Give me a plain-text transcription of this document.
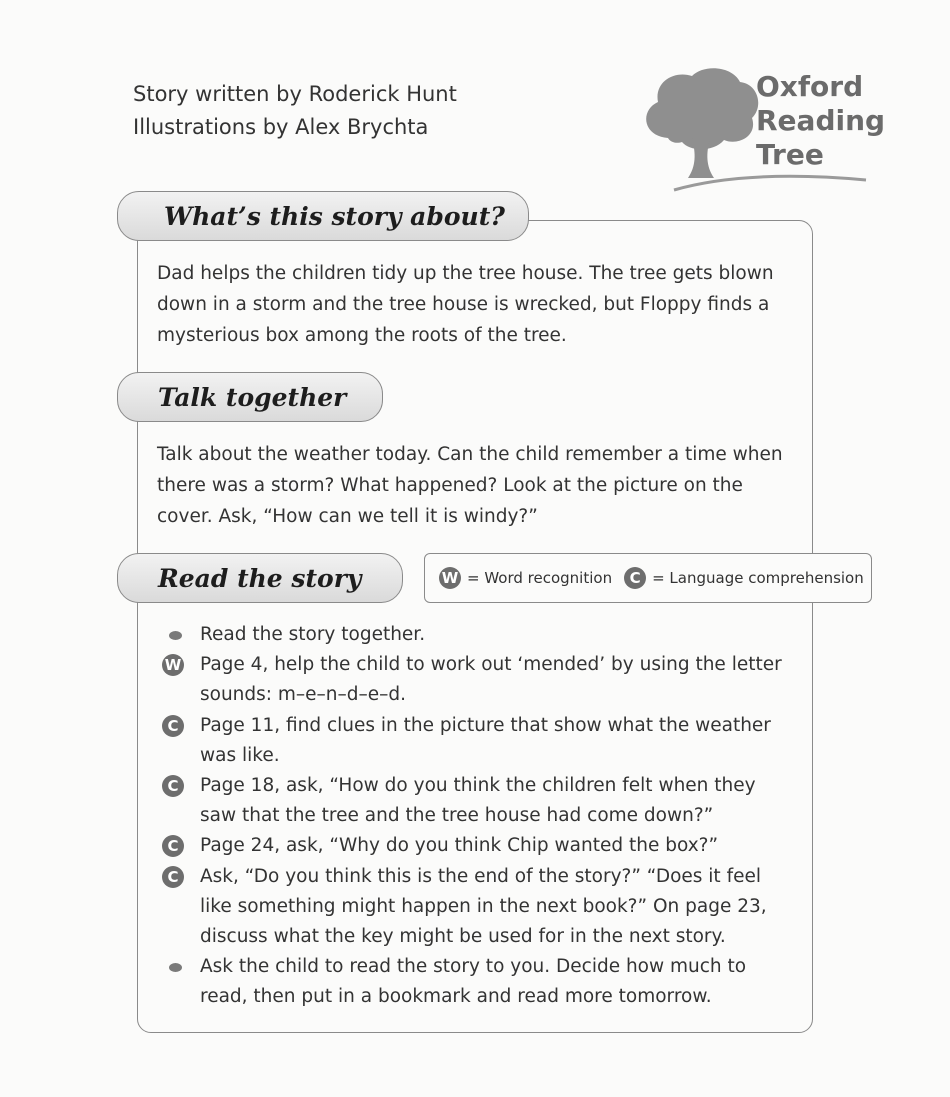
Story written by Roderick Hunt
Illustrations by Alex Brychta
Oxford
Reading
Tree
What’s this story about?
Dad helps the children tidy up the tree house. The tree gets blown
down in a storm and the tree house is wrecked, but Floppy finds a
mysterious box among the roots of the tree.
Talk together
Talk about the weather today. Can the child remember a time when
there was a storm? What happened? Look at the picture on the
cover. Ask, “How can we tell it is windy?”
Read the story	W = Word recognition	C = Language comprehension
Read the story together.
W Page 4, help the child to work out ‘mended’ by using the letter
sounds: m–e–n–d–e–d.
C Page 11, find clues in the picture that show what the weather
was like.
C Page 18, ask, “How do you think the children felt when they
saw that the tree and the tree house had come down?”
C Page 24, ask, “Why do you think Chip wanted the box?”
C Ask, “Do you think this is the end of the story?” “Does it feel
like something might happen in the next book?” On page 23,
discuss what the key might be used for in the next story.
Ask the child to read the story to you. Decide how much to
read, then put in a bookmark and read more tomorrow.
